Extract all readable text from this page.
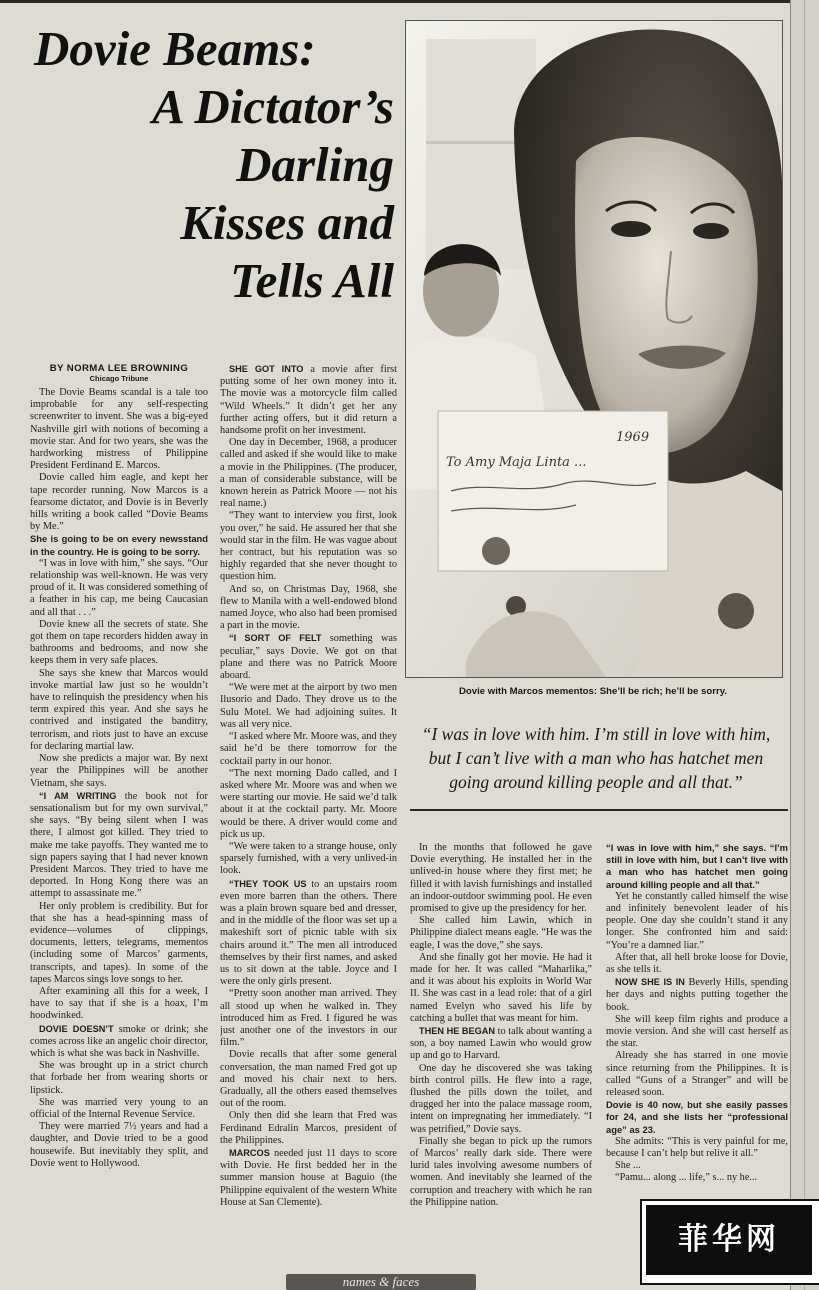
Dovie Beams:
A Dictator’s
Darling
Kisses and
Tells All
BY NORMA LEE BROWNING
Chicago Tribune

The Dovie Beams scandal is a tale too improbable for any self-respecting screenwriter to invent. She was a big-eyed Nashville girl with notions of becoming a movie star. And for two years, she was the hardworking mistress of Philippine President Ferdinand E. Marcos.

Dovie called him eagle, and kept her tape recorder running. Now Marcos is a fearsome dictator, and Dovie is in Beverly hills writing a book called “Dovie Beams by Me.”

She is going to be on every newsstand in the country. He is going to be sorry.

“I was in love with him,” she says. “Our relationship was well-known. He was very proud of it. It was considered something of a feather in his cap, me being Caucasian and all that . . .”

Dovie knew all the secrets of state. She got them on tape recorders hidden away in bathrooms and bedrooms, and now she keeps them in very safe places.

She says she knew that Marcos would invoke martial law just so he wouldn’t have to relinquish the presidency when his term expired this year. And she says he contrived and instigated the banditry, terrorism, and riots just to have an excuse for declaring martial law.

Now she predicts a major war. By next year the Philippines will be another Vietnam, she says.

“I AM WRITING the book not for sensationalism but for my own survival,” she says. “By being silent when I was there, I almost got killed. They tried to make me take payoffs. They wanted me to sign papers saying that I had never known President Marcos. They tried to have me deported. In Hong Kong there was an attempt to assassinate me.”

Her only problem is credibility. But for that she has a head-spinning mass of evidence—volumes of clippings, documents, letters, telegrams, mementos (including some of Marcos’ garments, transcripts, and tapes). In some of the tapes Marcos sings love songs to her.

After examining all this for a week, I have to say that if she is a hoax, I’m hoodwinked.

DOVIE DOESN’T smoke or drink; she comes across like an angelic choir director, which is what she was back in Nashville.

She was brought up in a strict church that forbade her from wearing shorts or lipstick.

She was married very young to an official of the Internal Revenue Service.

They were married 7½ years and had a daughter, and Dovie tried to be a good housewife. But inevitably they split, and Dovie went to Hollywood.

SHE GOT INTO a movie after first putting some of her own money into it. The movie was a motorcycle film called “Wild Wheels.” It didn’t get her any further acting offers, but it did return a handsome profit on her investment.

One day in December, 1968, a producer called and asked if she would like to make a movie in the Philippines. (The producer, a man of considerable substance, will be known herein as Patrick Moore — not his real name.)

“They want to interview you first, look you over,” he said. He assured her that she would star in the film. He was vague about her contract, but his reputation was so highly regarded that she never thought to question him.

And so, on Christmas Day, 1968, she flew to Manila with a well-endowed blond named Joyce, who also had been promised a part in the movie.

“I SORT OF FELT something was peculiar,” says Dovie. We got on that plane and there was no Patrick Moore aboard.

“We were met at the airport by two men Ilusorio and Dado. They drove us to the Sulu Motel. We had adjoining suites. It was all very nice.

“I asked where Mr. Moore was, and they said he’d be there tomorrow for the cocktail party in our honor.

“The next morning Dado called, and I asked where Mr. Moore was and when we were starting our movie. He said we’d talk about it at the cocktail party. Mr. Moore would be there. A driver would come and pick us up.

“We were taken to a strange house, only sparsely furnished, with a very unlived-in look.

“THEY TOOK US to an upstairs room even more barren than the others. There was a plain brown square bed and dresser, and in the middle of the floor was set up a makeshift sort of picnic table with six chairs around it.” The men all introduced themselves by their first names, and asked us to sit down at the table. Joyce and I were the only girls present.

“Pretty soon another man arrived. They all stood up when he walked in. They introduced him as Fred. I figured he was just another one of the investors in our film.”

Dovie recalls that after some general conversation, the man named Fred got up and moved his chair next to hers. Gradually, all the others eased themselves out of the room.

Only then did she learn that Fred was Ferdinand Edralin Marcos, president of the Philippines.

MARCOS needed just 11 days to score with Dovie. He first bedded her in the summer mansion house at Baguio (the Philippine equivalent of the western White House at San Clemente).

To Amy Maja Linta ...
1969
Dovie with Marcos mementos: She’ll be rich; he’ll be sorry.
“I was in love with him. I’m still in love with him, but I can’t live with a man who has hatchet men going around killing people and all that.”

In the months that followed he gave Dovie everything. He installed her in the unlived-in house where they first met; he filled it with lavish furnishings and installed an indoor-outdoor swimming pool. He even promised to give up the presidency for her.

She called him Lawin, which in Philippine dialect means eagle. “He was the eagle, I was the dove,” she says.

And she finally got her movie. He had it made for her. It was called “Maharlika,” and it was about his exploits in World War II. She was cast in a lead role: that of a girl named Evelyn who saved his life by catching a bullet that was meant for him.

THEN HE BEGAN to talk about wanting a son, a boy named Lawin who would grow up and go to Harvard.

One day he discovered she was taking birth control pills. He flew into a rage, flushed the pills down the toilet, and dragged her into the palace massage room, intent on impregnating her immediately. “I was petrified,” Dovie says.

Finally she began to pick up the rumors of Marcos’ really dark side. There were lurid tales involving awesome numbers of women. And inevitably she learned of the corruption and treachery with which he ran the Philippine nation.

“I was in love with him,” she says. “I’m still in love with him, but I can’t live with a man who has hatchet men going around killing people and all that.”

Yet he constantly called himself the wise and infinitely benevolent leader of his people. One day she couldn’t stand it any longer. She confronted him and said: “You’re a damned liar.”

After that, all hell broke loose for Dovie, as she tells it.

NOW SHE IS IN Beverly Hills, spending her days and nights putting together the book.

She will keep film rights and produce a movie version. And she will cast herself as the star.

Already she has starred in one movie since returning from the Philippines. It is called “Guns of a Stranger” and will be released soon.

Dovie is 40 now, but she easily passes for 24, and she lists her “professional age” as 23.

She admits: “This is very painful for me, because I can’t help but relive it all.”

She ...

“Pamu... along ... life,” s... ny he...

菲华网
names & faces
